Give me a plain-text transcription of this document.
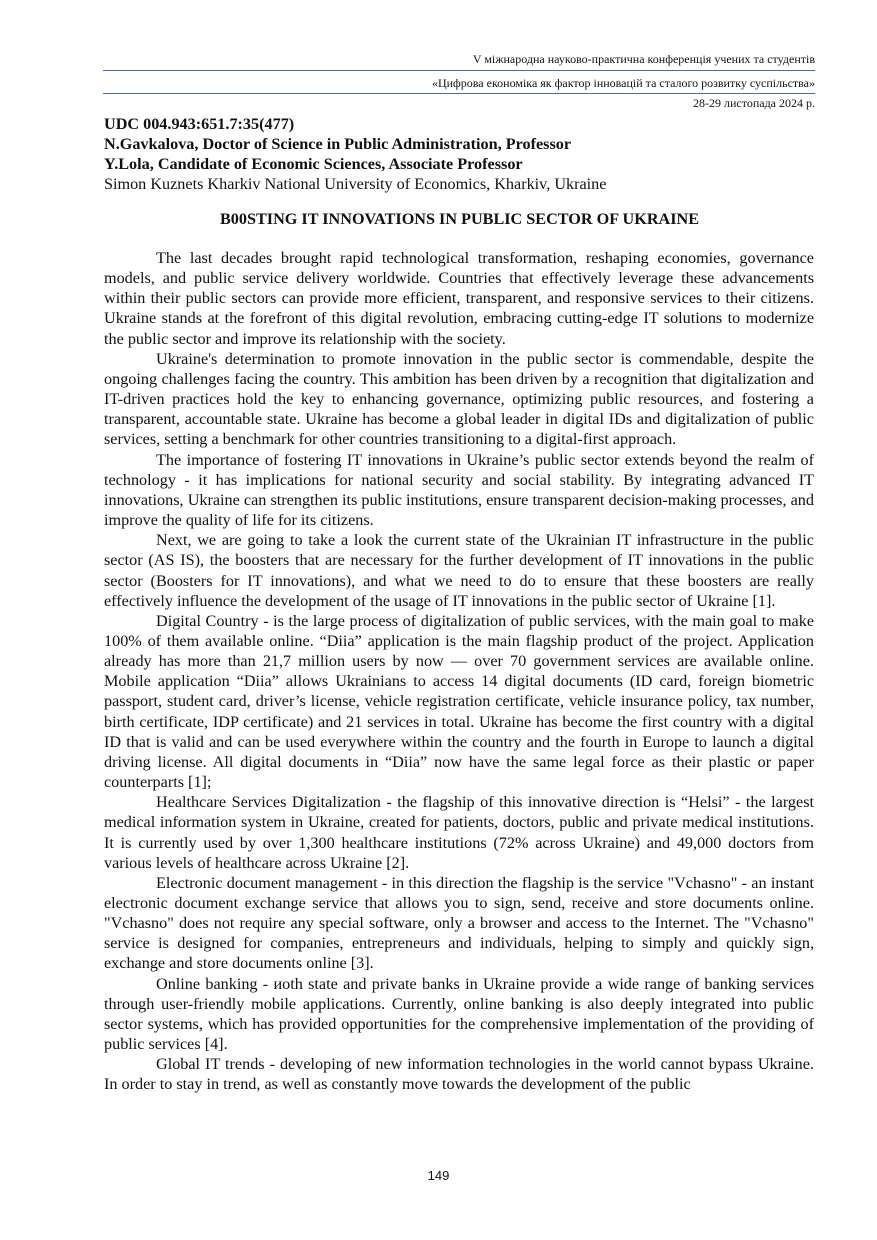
V міжнародна науково-практична конференція учених та студентів
«Цифрова економіка як фактор інновацій та сталого розвитку суспільства»
28-29 листопада 2024 р.
UDC 004.943:651.7:35(477)
N.Gavkalova, Doctor of Science in Public Administration, Professor
Y.Lola, Candidate of Economic Sciences, Associate Professor
Simon Kuznets Kharkiv National University of Economics, Kharkiv, Ukraine
B00STING IT INNOVATIONS IN PUBLIC SECTOR OF UKRAINE

The last decades brought rapid technological transformation, reshaping economies, governance models, and public service delivery worldwide. Countries that effectively leverage these advancements within their public sectors can provide more efficient, transparent, and responsive services to their citizens. Ukraine stands at the forefront of this digital revolution, embracing cutting-edge IT solutions to modernize the public sector and improve its relationship with the society.

Ukraine's determination to promote innovation in the public sector is commendable, despite the ongoing challenges facing the country. This ambition has been driven by a recognition that digitalization and IT-driven practices hold the key to enhancing governance, optimizing public resources, and fostering a transparent, accountable state. Ukraine has become a global leader in digital IDs and digitalization of public services, setting a benchmark for other countries transitioning to a digital-first approach.

The importance of fostering IT innovations in Ukraine’s public sector extends beyond the realm of technology - it has implications for national security and social stability. By integrating advanced IT innovations, Ukraine can strengthen its public institutions, ensure transparent decision-making processes, and improve the quality of life for its citizens.

Next, we are going to take a look the current state of the Ukrainian IT infrastructure in the public sector (AS IS), the boosters that are necessary for the further development of IT innovations in the public sector (Boosters for IT innovations), and what we need to do to ensure that these boosters are really effectively influence the development of the usage of IT innovations in the public sector of Ukraine [1].

Digital Country - is the large process of digitalization of public services, with the main goal to make 100% of them available online. “Diia” application is the main flagship product of the project. Application already has more than 21,7 million users by now — over 70 government services are available online. Mobile application “Diia” allows Ukrainians to access 14 digital documents (ID card, foreign biometric passport, student card, driver’s license, vehicle registration certificate, vehicle insurance policy, tax number, birth certificate, IDP certificate) and 21 services in total. Ukraine has become the first country with a digital ID that is valid and can be used everywhere within the country and the fourth in Europe to launch a digital driving license. All digital documents in “Diia” now have the same legal force as their plastic or paper counterparts [1];

Healthcare Services Digitalization - the flagship of this innovative direction is “Helsi” - the largest medical information system in Ukraine, created for patients, doctors, public and private medical institutions. It is currently used by over 1,300 healthcare institutions (72% across Ukraine) and 49,000 doctors from various levels of healthcare across Ukraine [2].

Electronic document management - in this direction the flagship is the service "Vchasno" - an instant electronic document exchange service that allows you to sign, send, receive and store documents online. "Vchasno" does not require any special software, only a browser and access to the Internet. The "Vchasno" service is designed for companies, entrepreneurs and individuals, helping to simply and quickly sign, exchange and store documents online [3].

Online banking - иoth state and private banks in Ukraine provide a wide range of banking services through user-friendly mobile applications. Currently, online banking is also deeply integrated into public sector systems, which has provided opportunities for the comprehensive implementation of the providing of public services [4].

Global IT trends - developing of new information technologies in the world cannot bypass Ukraine. In order to stay in trend, as well as constantly move towards the development of the public

149
